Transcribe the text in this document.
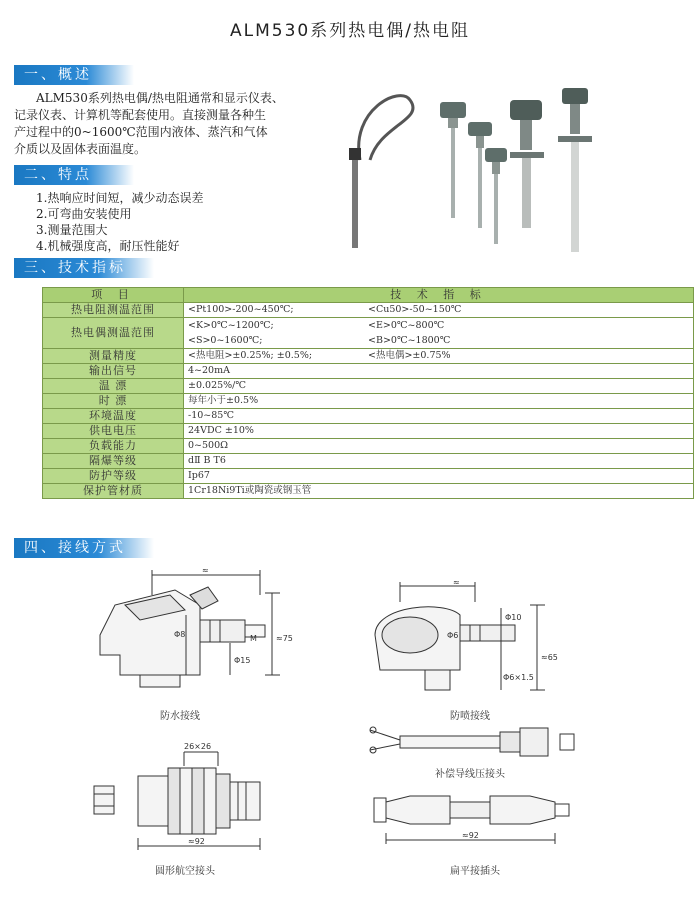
ALM530系列热电偶/热电阻
一、概述
ALM530系列热电偶/热电阻通常和显示仪表、
记录仪表、计算机等配套使用。直接测量各种生
产过程中的0~1600℃范围内液体、蒸汽和气体
介质以及固体表面温度。
二、特点
1.热响应时间短，减少动态误差
2.可弯曲安装使用
3.测量范围大
4.机械强度高，耐压性能好
三、技术指标
项 目	技 术 指 标
热电阻测温范围	<Pt100>-200~450℃; <Cu50>-50~150℃

热电偶测温范围	<K>0℃~1200℃; <E>0℃~800℃
<S>0~1600℃; <B>0℃~1800℃

测量精度	<热电阻>±0.25%; ±0.5%; <热电偶>±0.75%

输出信号	4~20mA
温 漂	±0.025%/℃
时 漂	每年小于±0.5%
环境温度	-10~85℃
供电电压	24VDC ±10%
负载能力	0~500Ω
隔爆等级	dⅡ B T6
防护等级	Ip67
保护管材质	1Cr18Ni9Ti或陶瓷或钢玉管
四、接线方式
≈
Φ8	M ≈75
Φ15
防水接线
≈
Φ6
Φ10
Φ6×1.5
≈65
防喷接线
补偿导线压接头
26×26
≈92
圆形航空接头
≈92
扁平接插头
